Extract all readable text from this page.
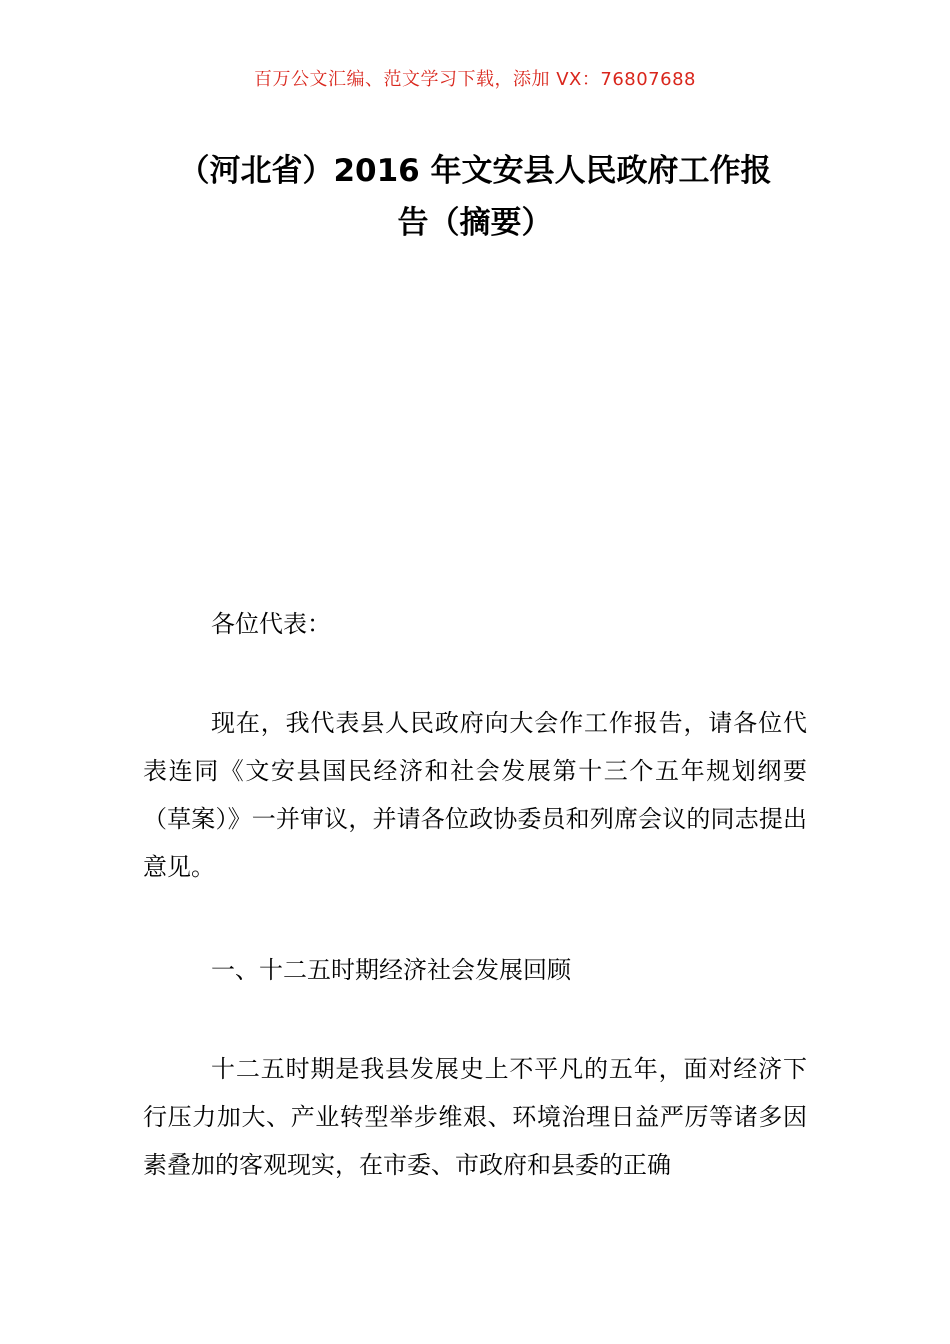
百万公文汇编、范文学习下载，添加 VX：76807688
（河北省）2016 年文安县人民政府工作报
告（摘要）
各位代表：
现在，我代表县人民政府向大会作工作报告，请各位代表连同《文安县国民经济和社会发展第十三个五年规划纲要（草案）》一并审议，并请各位政协委员和列席会议的同志提出意见。
一、十二五时期经济社会发展回顾
十二五时期是我县发展史上不平凡的五年，面对经济下行压力加大、产业转型举步维艰、环境治理日益严厉等诸多因素叠加的客观现实，在市委、市政府和县委的正确
